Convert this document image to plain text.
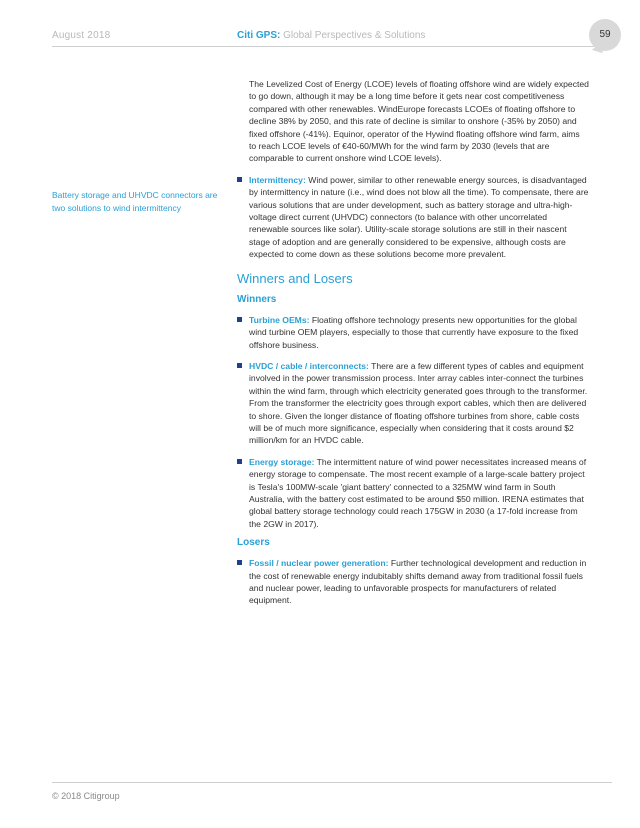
August 2018	Citi GPS: Global Perspectives & Solutions	59
Battery storage and UHVDC connectors are two solutions to wind intermittency

The Levelized Cost of Energy (LCOE) levels of floating offshore wind are widely expected to go down, although it may be a long time before it gets near cost competitiveness compared with other renewables. WindEurope forecasts LCOEs of floating offshore to decline 38% by 2050, and this rate of decline is similar to onshore (-35% by 2050) and fixed offshore (-41%). Equinor, operator of the Hywind floating offshore wind farm, aims to reach LCOE levels of €40-60/MWh for the wind farm by 2030 (levels that are comparable to current onshore wind LCOE levels).

Intermittency: Wind power, similar to other renewable energy sources, is disadvantaged by intermittency in nature (i.e., wind does not blow all the time). To compensate, there are various solutions that are under development, such as battery storage and ultra-high-voltage direct current (UHVDC) connectors (to balance with other uncorrelated renewable sources like solar). Utility-scale storage solutions are still in their nascent stage of adoption and are generally considered to be expensive, although costs are expected to come down as these solutions become more prevalent.
Winners and Losers
Winners
Turbine OEMs: Floating offshore technology presents new opportunities for the global wind turbine OEM players, especially to those that currently have exposure to the fixed offshore business.
HVDC / cable / interconnects: There are a few different types of cables and equipment involved in the power transmission process. Inter array cables inter-connect the turbines within the wind farm, through which electricity generated goes through to the transformer. From the transformer the electricity goes through export cables, which then are delivered to shore. Given the longer distance of floating offshore turbines from shore, cable costs will be of much more significance, especially when considering that it costs around $2 million/km for an HVDC cable.
Energy storage: The intermittent nature of wind power necessitates increased means of energy storage to compensate. The most recent example of a large-scale battery project is Tesla's 100MW-scale 'giant battery' connected to a 325MW wind farm in South Australia, with the battery cost estimated to be around $50 million. IRENA estimates that global battery storage technology could reach 175GW in 2030 (a 17-fold increase from the 2GW in 2017).
Losers
Fossil / nuclear power generation: Further technological development and reduction in the cost of renewable energy indubitably shifts demand away from traditional fossil fuels and nuclear power, leading to unfavorable prospects for manufacturers of related equipment.
© 2018 Citigroup
